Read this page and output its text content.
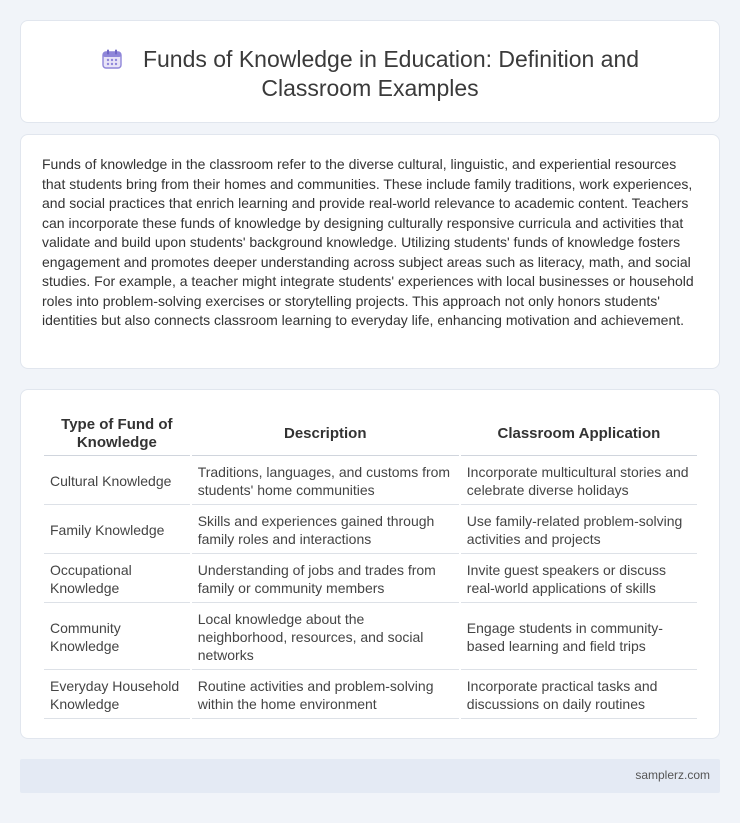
Funds of Knowledge in Education: Definition and Classroom Examples

Funds of knowledge in the classroom refer to the diverse cultural, linguistic, and experiential resources that students bring from their homes and communities. These include family traditions, work experiences, and social practices that enrich learning and provide real-world relevance to academic content. Teachers can incorporate these funds of knowledge by designing culturally responsive curricula and activities that validate and build upon students' background knowledge. Utilizing students' funds of knowledge fosters engagement and promotes deeper understanding across subject areas such as literacy, math, and social studies. For example, a teacher might integrate students' experiences with local businesses or household roles into problem-solving exercises or storytelling projects. This approach not only honors students' identities but also connects classroom learning to everyday life, enhancing motivation and achievement.

Type of Fund of Knowledge	Description	Classroom Application
Cultural Knowledge	Traditions, languages, and customs from students' home communities	Incorporate multicultural stories and celebrate diverse holidays
Family Knowledge	Skills and experiences gained through family roles and interactions	Use family-related problem-solving activities and projects
Occupational Knowledge	Understanding of jobs and trades from family or community members	Invite guest speakers or discuss real-world applications of skills
Community Knowledge	Local knowledge about the neighborhood, resources, and social networks	Engage students in community-based learning and field trips
Everyday Household Knowledge	Routine activities and problem-solving within the home environment	Incorporate practical tasks and discussions on daily routines
samplerz.com
